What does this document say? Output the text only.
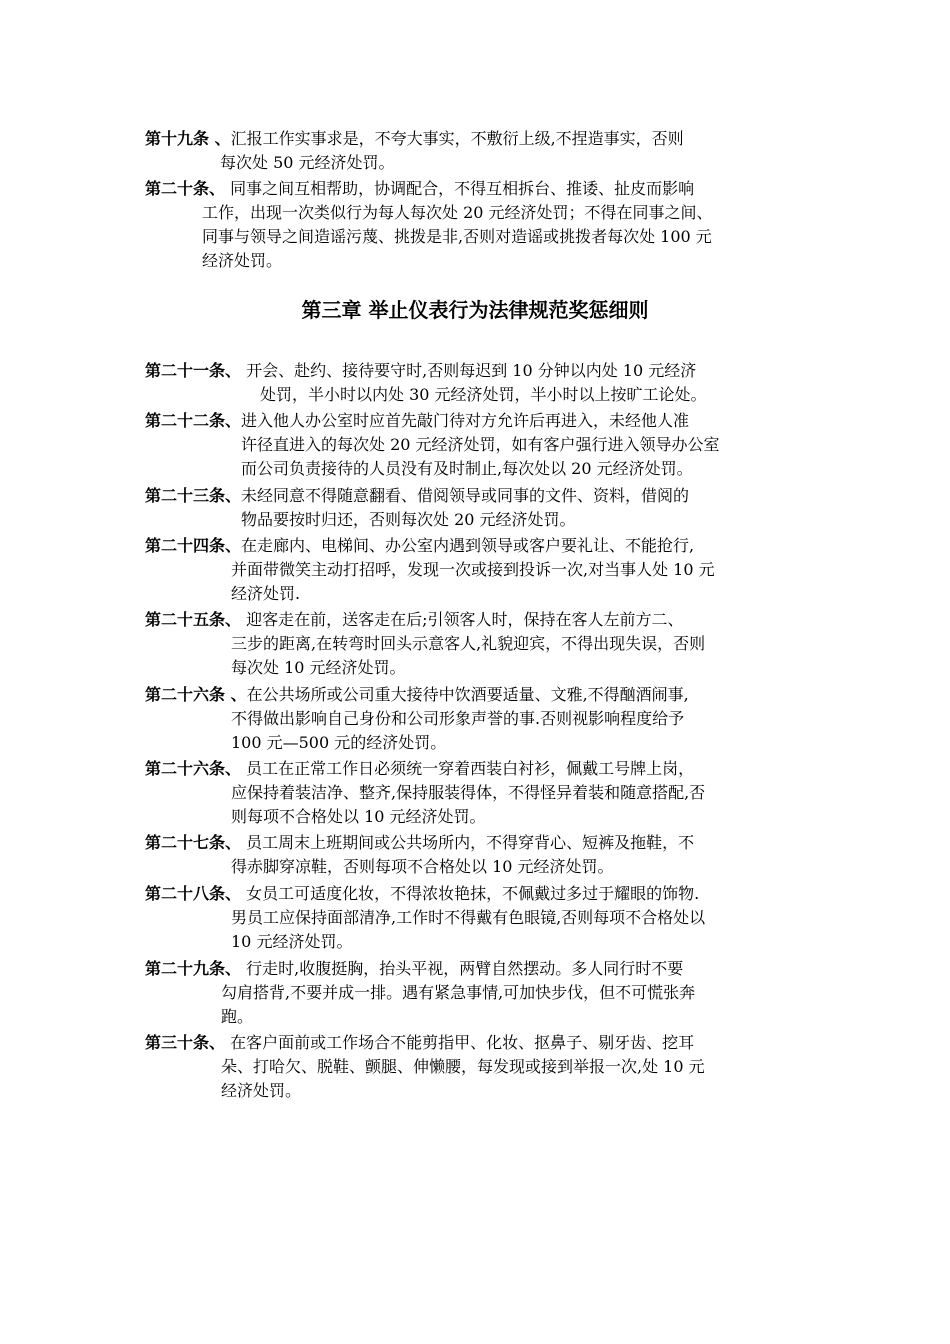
第十九条 、汇报工作实事求是，不夸大事实，不敷衍上级,不捏造事实，否则
每次处 50 元经济处罚。
第二十条、 同事之间互相帮助，协调配合，不得互相拆台、推诿、扯皮而影响
工作，出现一次类似行为每人每次处 20 元经济处罚；不得在同事之间、
同事与领导之间造谣污蔑、挑拨是非,否则对造谣或挑拨者每次处 100 元
经济处罚。
第三章 举止仪表行为法律规范奖惩细则
第二十一条、 开会、赴约、接待要守时,否则每迟到 10 分钟以内处 10 元经济
处罚，半小时以内处 30 元经济处罚，半小时以上按旷工论处。
第二十二条、进入他人办公室时应首先敲门待对方允许后再进入，未经他人准
许径直进入的每次处 20 元经济处罚，如有客户强行进入领导办公室
而公司负责接待的人员没有及时制止,每次处以 20 元经济处罚。
第二十三条、未经同意不得随意翻看、借阅领导或同事的文件、资料，借阅的
物品要按时归还，否则每次处 20 元经济处罚。
第二十四条、在走廊内、电梯间、办公室内遇到领导或客户要礼让、不能抢行,
并面带微笑主动打招呼，发现一次或接到投诉一次,对当事人处 10 元
经济处罚.
第二十五条、 迎客走在前，送客走在后;引领客人时，保持在客人左前方二、
三步的距离,在转弯时回头示意客人,礼貌迎宾，不得出现失误，否则
每次处 10 元经济处罚。
第二十六条 、在公共场所或公司重大接待中饮酒要适量、文雅,不得酗酒闹事,
不得做出影响自己身份和公司形象声誉的事.否则视影响程度给予
100 元—500 元的经济处罚。
第二十六条、 员工在正常工作日必须统一穿着西装白衬衫，佩戴工号牌上岗，
应保持着装洁净、整齐,保持服装得体，不得怪异着装和随意搭配,否
则每项不合格处以 10 元经济处罚。
第二十七条、 员工周末上班期间或公共场所内，不得穿背心、短裤及拖鞋，不
得赤脚穿凉鞋，否则每项不合格处以 10 元经济处罚。
第二十八条、 女员工可适度化妆，不得浓妆艳抹，不佩戴过多过于耀眼的饰物.
男员工应保持面部清净,工作时不得戴有色眼镜,否则每项不合格处以
10 元经济处罚。
第二十九条、 行走时,收腹挺胸，抬头平视，两臂自然摆动。多人同行时不要
勾肩搭背,不要并成一排。遇有紧急事情,可加快步伐，但不可慌张奔
跑。
第三十条、 在客户面前或工作场合不能剪指甲、化妆、抠鼻子、剔牙齿、挖耳
朵、打哈欠、脱鞋、颤腿、伸懒腰，每发现或接到举报一次,处 10 元
经济处罚。
